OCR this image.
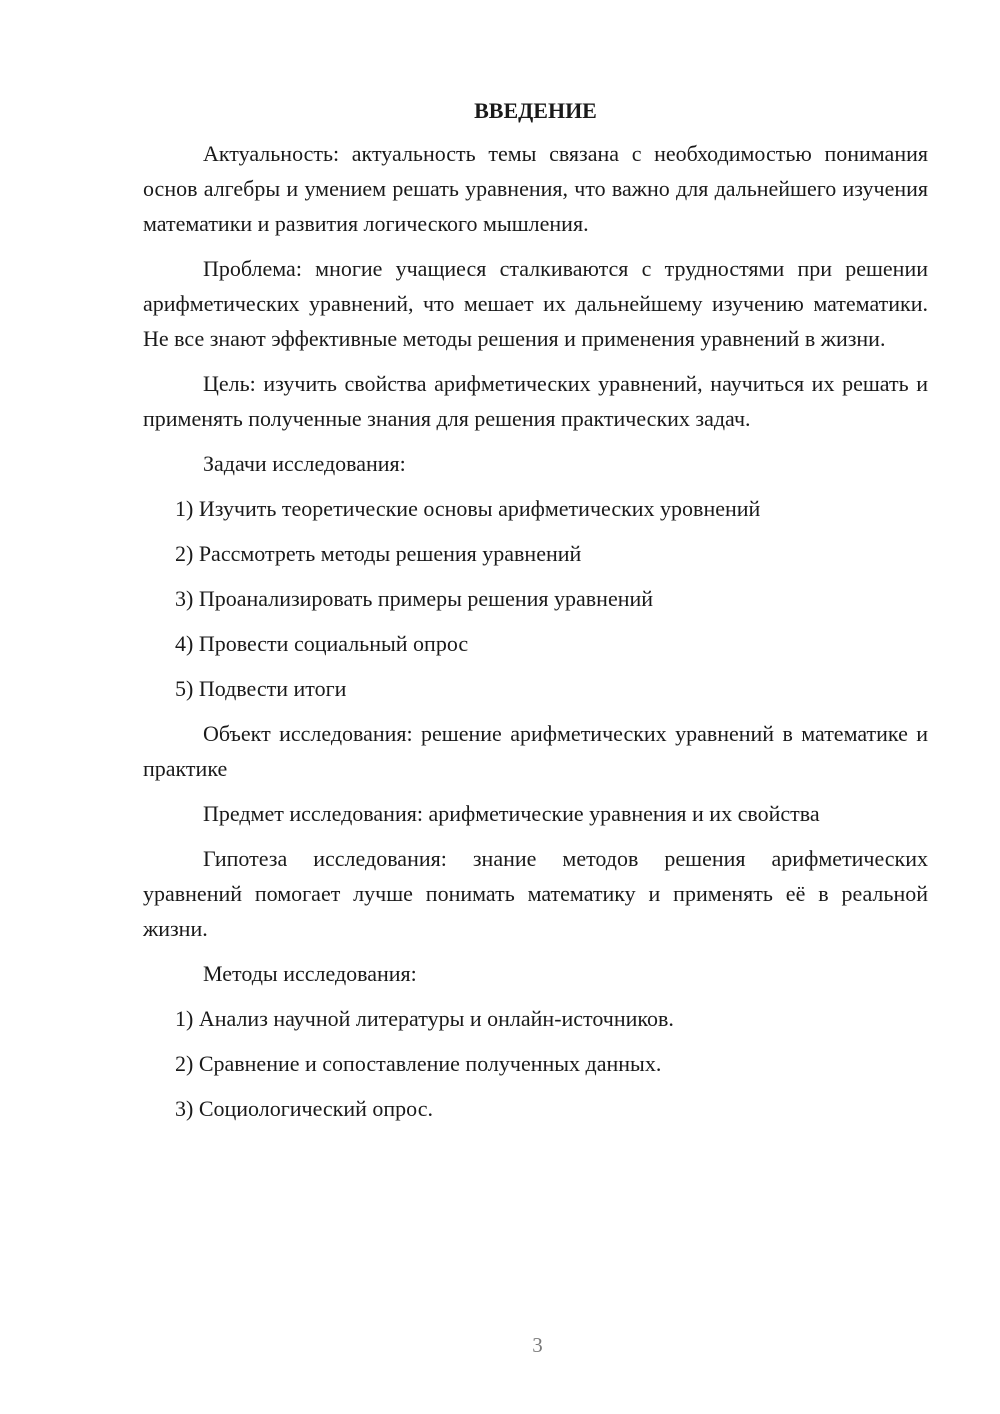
ВВЕДЕНИЕ

Актуальность: актуальность темы связана с необходимостью понимания основ алгебры и умением решать уравнения, что важно для дальнейшего изучения математики и развития логического мышления.

Проблема: многие учащиеся сталкиваются с трудностями при решении арифметических уравнений, что мешает их дальнейшему изучению математики. Не все знают эффективные методы решения и применения уравнений в жизни.

Цель: изучить свойства арифметических уравнений, научиться их решать и применять полученные знания для решения практических задач.

Задачи исследования:

1) Изучить теоретические основы арифметических уровнений
2) Рассмотреть методы решения уравнений
3) Проанализировать примеры решения уравнений
4) Провести социальный опрос
5) Подвести итоги

Объект исследования: решение арифметических уравнений в математике и практике

Предмет исследования: арифметические уравнения и их свойства

Гипотеза исследования: знание методов решения арифметических уравнений помогает лучше понимать математику и применять её в реальной жизни.

Методы исследования:

1) Анализ научной литературы и онлайн-источников.
2) Сравнение и сопоставление полученных данных.
3) Социологический опрос.
3
